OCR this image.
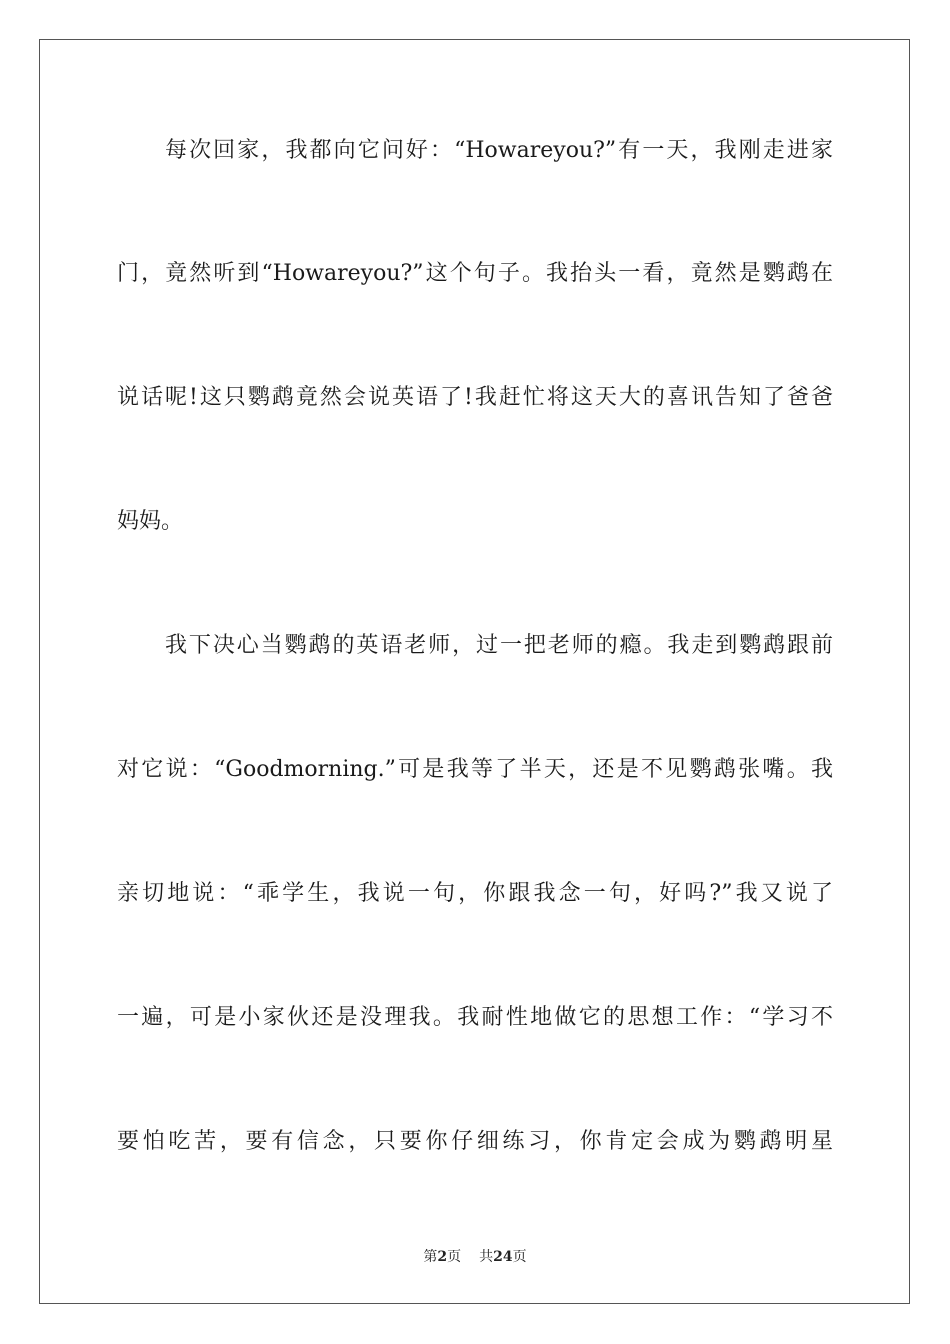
每次回家，我都向它问好：“Howareyou?”有一天，我刚走进家
门，竟然听到“Howareyou?”这个句子。我抬头一看，竟然是鹦鹉在
说话呢!这只鹦鹉竟然会说英语了!我赶忙将这天大的喜讯告知了爸爸
妈妈。
我下决心当鹦鹉的英语老师，过一把老师的瘾。我走到鹦鹉跟前
对它说：“Goodmorning.”可是我等了半天，还是不见鹦鹉张嘴。我
亲切地说：“乖学生，我说一句，你跟我念一句，好吗?”我又说了
一遍，可是小家伙还是没理我。我耐性地做它的思想工作：“学习不
要怕吃苦，要有信念，只要你仔细练习，你肯定会成为鹦鹉明星
第2页 共24页
